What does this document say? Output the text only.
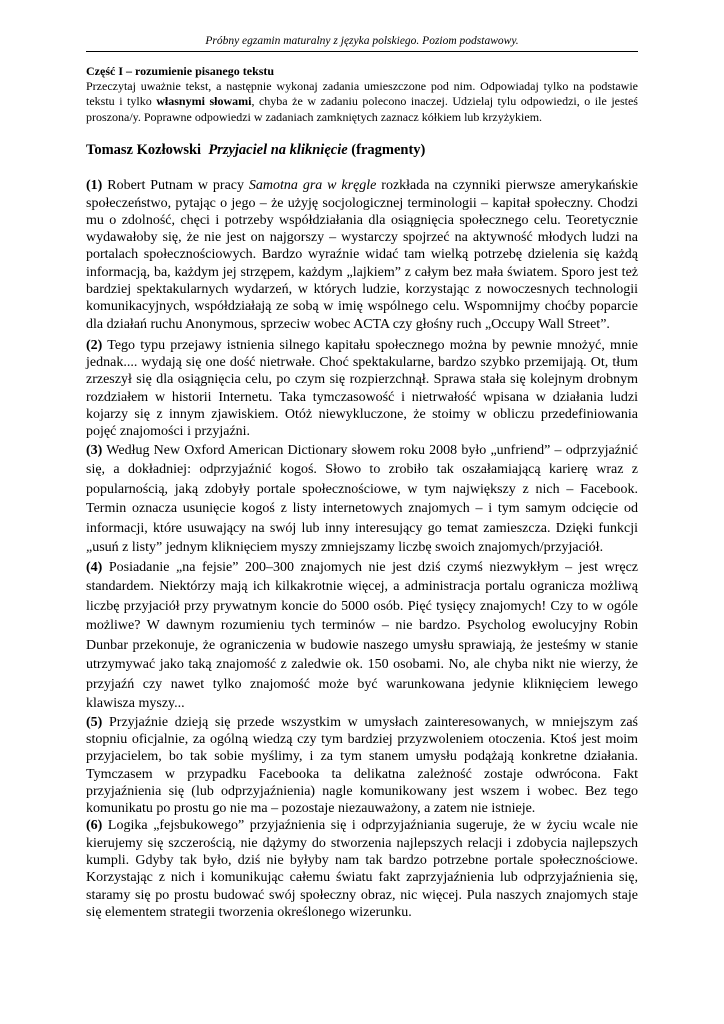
Próbny egzamin maturalny z języka polskiego. Poziom podstawowy.

Część I – rozumienie pisanego tekstu

Przeczytaj uważnie tekst, a następnie wykonaj zadania umieszczone pod nim. Odpowiadaj tylko na podstawie tekstu i tylko własnymi słowami, chyba że w zadaniu polecono inaczej. Udzielaj tylu odpowiedzi, o ile jesteś proszona/y. Poprawne odpowiedzi w zadaniach zamkniętych zaznacz kółkiem lub krzyżykiem.

Tomasz Kozłowski Przyjaciel na kliknięcie (fragmenty)

(1) Robert Putnam w pracy Samotna gra w kręgle rozkłada na czynniki pierwsze amerykańskie społeczeństwo, pytając o jego – że użyję socjologicznej terminologii – kapitał społeczny. Chodzi mu o zdolność, chęci i potrzeby współdziałania dla osiągnięcia społecznego celu. Teoretycznie wydawałoby się, że nie jest on najgorszy – wystarczy spojrzeć na aktywność młodych ludzi na portalach społecznościowych. Bardzo wyraźnie widać tam wielką potrzebę dzielenia się każdą informacją, ba, każdym jej strzępem, każdym „lajkiem” z całym bez mała światem. Sporo jest też bardziej spektakularnych wydarzeń, w których ludzie, korzystając z nowoczesnych technologii komunikacyjnych, współdziałają ze sobą w imię wspólnego celu. Wspomnijmy choćby poparcie dla działań ruchu Anonymous, sprzeciw wobec ACTA czy głośny ruch „Occupy Wall Street”.

(2) Tego typu przejawy istnienia silnego kapitału społecznego można by pewnie mnożyć, mnie jednak.... wydają się one dość nietrwałe. Choć spektakularne, bardzo szybko przemijają. Ot, tłum zrzeszył się dla osiągnięcia celu, po czym się rozpierzchnął. Sprawa stała się kolejnym drobnym rozdziałem w historii Internetu. Taka tymczasowość i nietrwałość wpisana w działania ludzi kojarzy się z innym zjawiskiem. Otóż niewykluczone, że stoimy w obliczu przedefiniowania pojęć znajomości i przyjaźni.

(3) Według New Oxford American Dictionary słowem roku 2008 było „unfriend” – odprzyjaźnić się, a dokładniej: odprzyjaźnić kogoś. Słowo to zrobiło tak oszałamiającą karierę wraz z popularnością, jaką zdobyły portale społecznościowe, w tym największy z nich – Facebook. Termin oznacza usunięcie kogoś z listy internetowych znajomych – i tym samym odcięcie od informacji, które usuwający na swój lub inny interesujący go temat zamieszcza. Dzięki funkcji „usuń z listy” jednym kliknięciem myszy zmniejszamy liczbę swoich znajomych/przyjaciół.

(4) Posiadanie „na fejsie” 200–300 znajomych nie jest dziś czymś niezwykłym – jest wręcz standardem. Niektórzy mają ich kilkakrotnie więcej, a administracja portalu ogranicza możliwą liczbę przyjaciół przy prywatnym koncie do 5000 osób. Pięć tysięcy znajomych! Czy to w ogóle możliwe? W dawnym rozumieniu tych terminów – nie bardzo. Psycholog ewolucyjny Robin Dunbar przekonuje, że ograniczenia w budowie naszego umysłu sprawiają, że jesteśmy w stanie utrzymywać jako taką znajomość z zaledwie ok. 150 osobami. No, ale chyba nikt nie wierzy, że przyjaźń czy nawet tylko znajomość może być warunkowana jedynie kliknięciem lewego klawisza myszy...

(5) Przyjaźnie dzieją się przede wszystkim w umysłach zainteresowanych, w mniejszym zaś stopniu oficjalnie, za ogólną wiedzą czy tym bardziej przyzwoleniem otoczenia. Ktoś jest moim przyjacielem, bo tak sobie myślimy, i za tym stanem umysłu podążają konkretne działania. Tymczasem w przypadku Facebooka ta delikatna zależność zostaje odwrócona. Fakt przyjaźnienia się (lub odprzyjaźnienia) nagle komunikowany jest wszem i wobec. Bez tego komunikatu po prostu go nie ma – pozostaje niezauważony, a zatem nie istnieje.

(6) Logika „fejsbukowego” przyjaźnienia się i odprzyjaźniania sugeruje, że w życiu wcale nie kierujemy się szczerością, nie dążymy do stworzenia najlepszych relacji i zdobycia najlepszych kumpli. Gdyby tak było, dziś nie byłyby nam tak bardzo potrzebne portale społecznościowe. Korzystając z nich i komunikując całemu światu fakt zaprzyjaźnienia lub odprzyjaźnienia się, staramy się po prostu budować swój społeczny obraz, nic więcej. Pula naszych znajomych staje się elementem strategii tworzenia określonego wizerunku.
